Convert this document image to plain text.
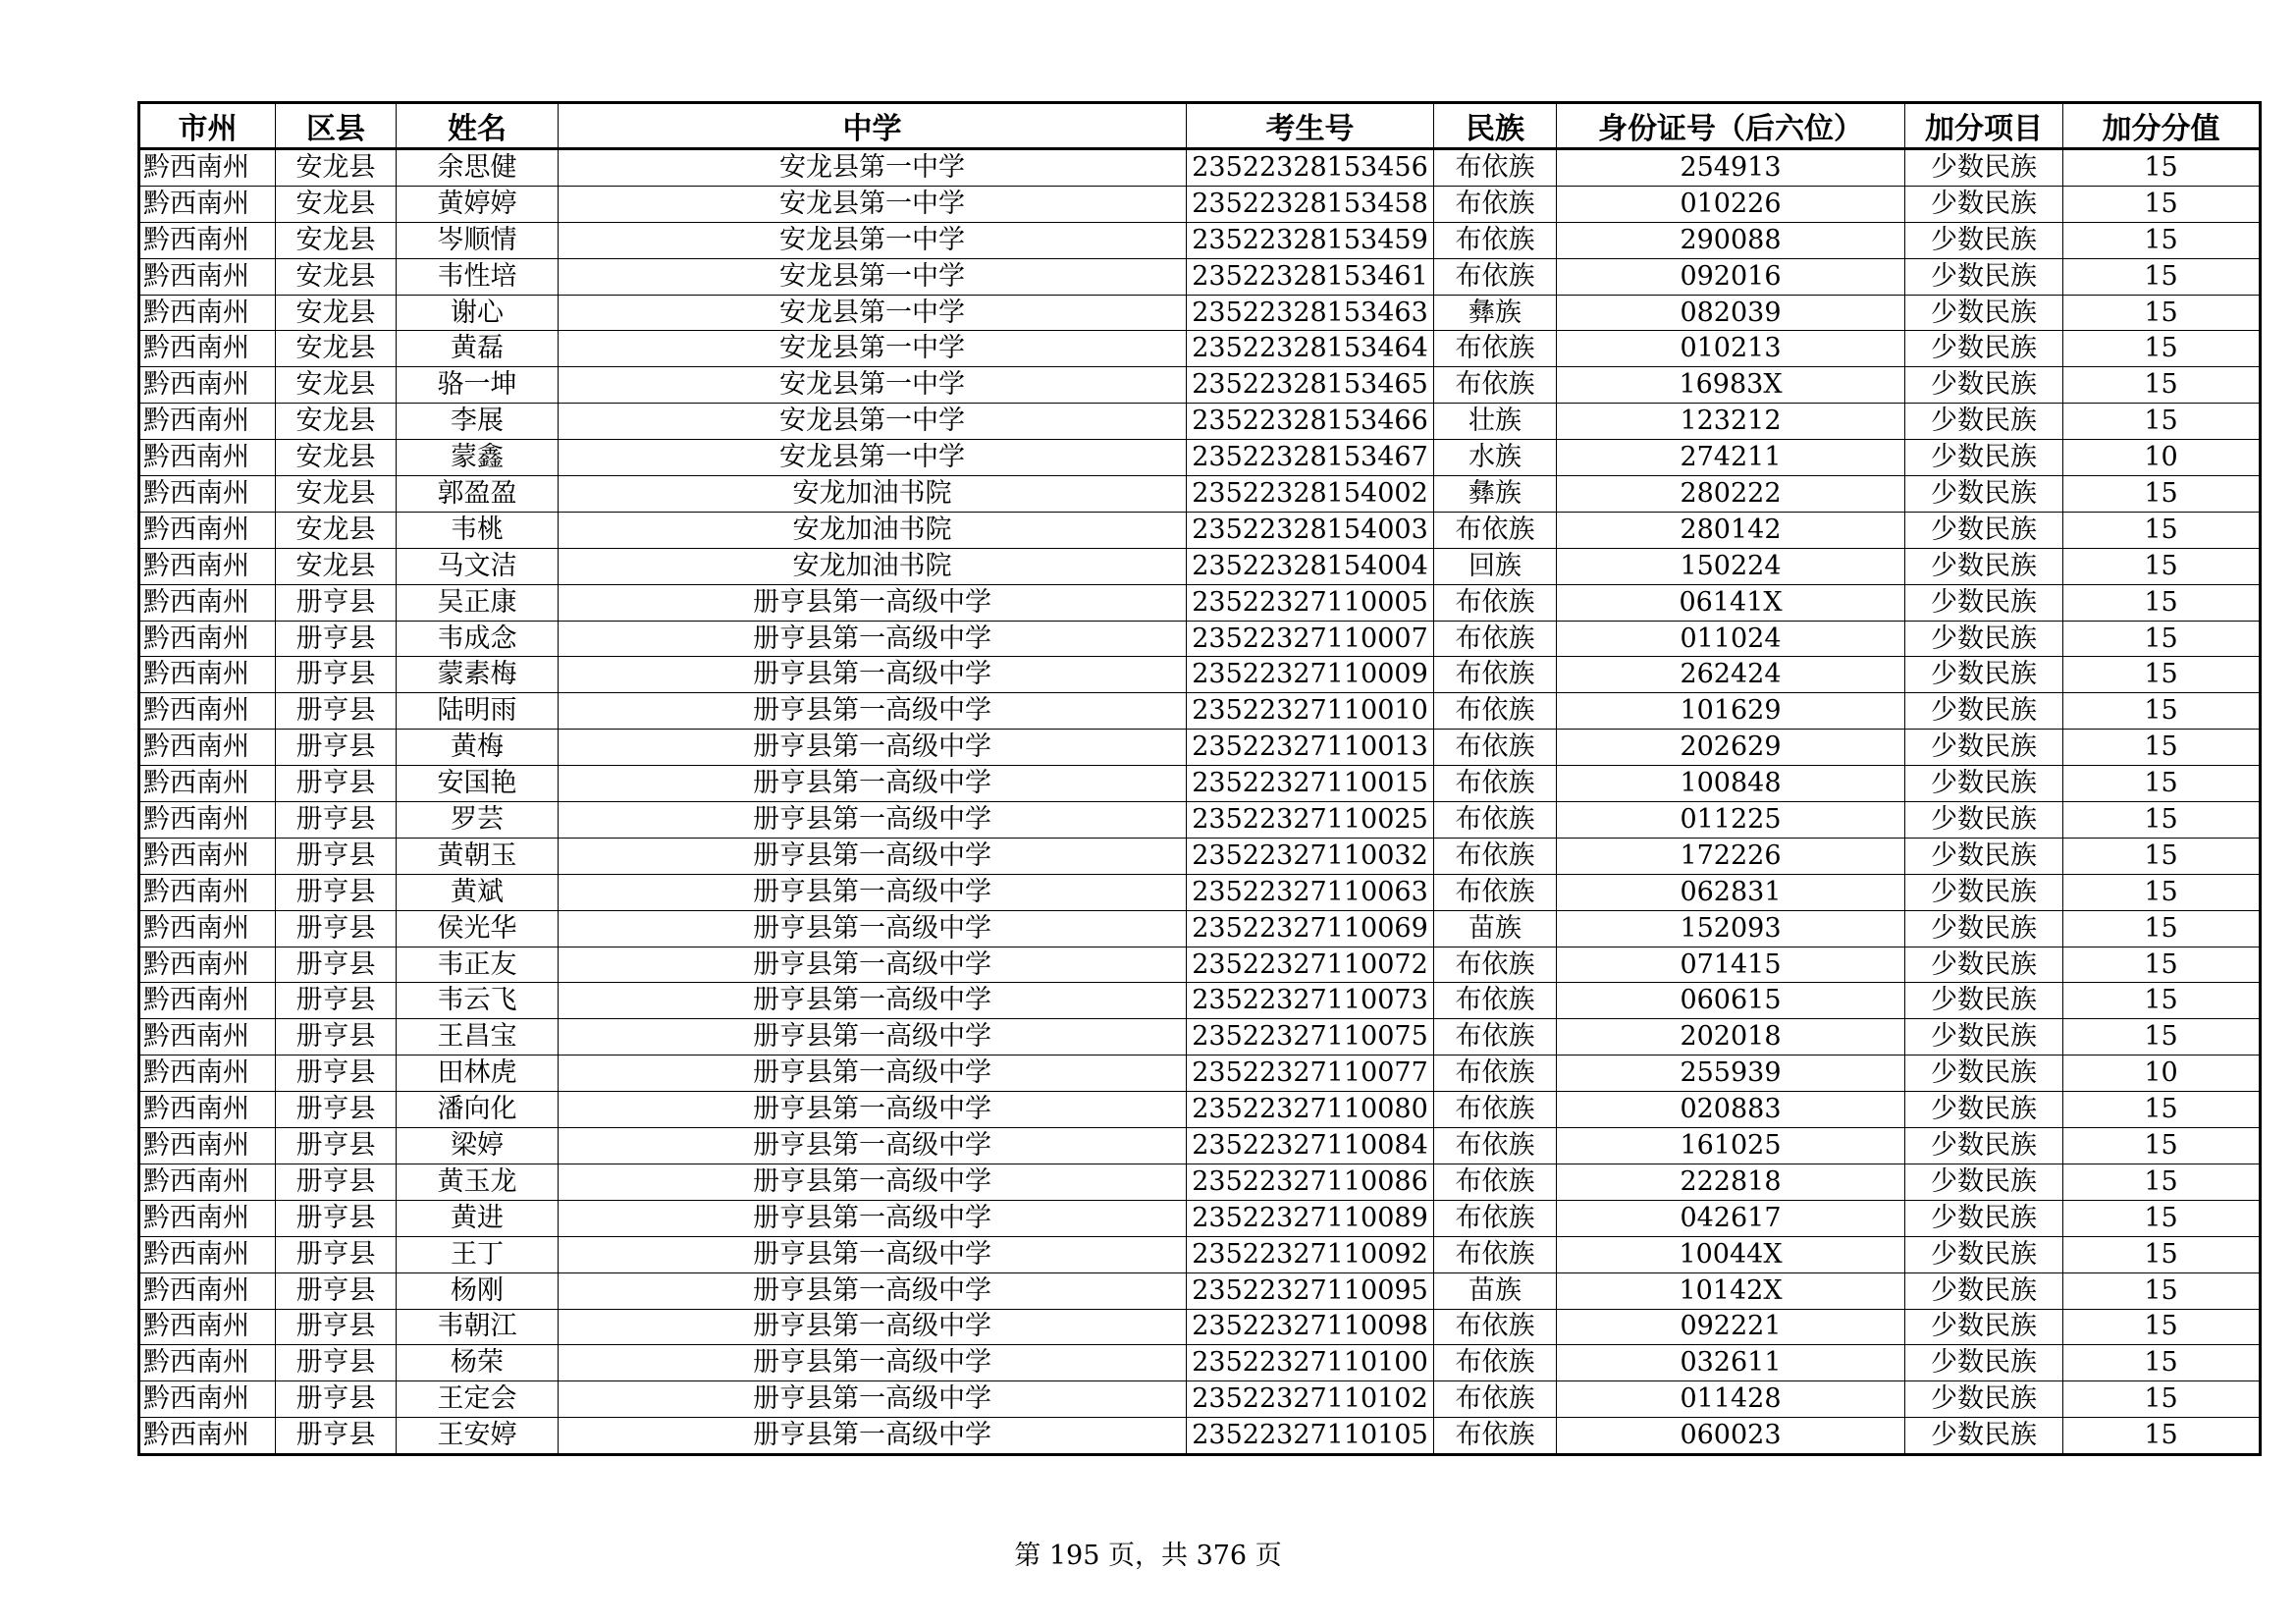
市州	区县	姓名	中学	考生号	民族	身份证号（后六位）	加分项目	加分分值
黔西南州	安龙县	余思健	安龙县第一中学	23522328153456	布依族	254913	少数民族	15
黔西南州	安龙县	黄婷婷	安龙县第一中学	23522328153458	布依族	010226	少数民族	15
黔西南州	安龙县	岑顺情	安龙县第一中学	23522328153459	布依族	290088	少数民族	15
黔西南州	安龙县	韦性培	安龙县第一中学	23522328153461	布依族	092016	少数民族	15
黔西南州	安龙县	谢心	安龙县第一中学	23522328153463	彝族	082039	少数民族	15
黔西南州	安龙县	黄磊	安龙县第一中学	23522328153464	布依族	010213	少数民族	15
黔西南州	安龙县	骆一坤	安龙县第一中学	23522328153465	布依族	16983X	少数民族	15
黔西南州	安龙县	李展	安龙县第一中学	23522328153466	壮族	123212	少数民族	15
黔西南州	安龙县	蒙鑫	安龙县第一中学	23522328153467	水族	274211	少数民族	10
黔西南州	安龙县	郭盈盈	安龙加油书院	23522328154002	彝族	280222	少数民族	15
黔西南州	安龙县	韦桃	安龙加油书院	23522328154003	布依族	280142	少数民族	15
黔西南州	安龙县	马文洁	安龙加油书院	23522328154004	回族	150224	少数民族	15
黔西南州	册亨县	吴正康	册亨县第一高级中学	23522327110005	布依族	06141X	少数民族	15
黔西南州	册亨县	韦成念	册亨县第一高级中学	23522327110007	布依族	011024	少数民族	15
黔西南州	册亨县	蒙素梅	册亨县第一高级中学	23522327110009	布依族	262424	少数民族	15
黔西南州	册亨县	陆明雨	册亨县第一高级中学	23522327110010	布依族	101629	少数民族	15
黔西南州	册亨县	黄梅	册亨县第一高级中学	23522327110013	布依族	202629	少数民族	15
黔西南州	册亨县	安国艳	册亨县第一高级中学	23522327110015	布依族	100848	少数民族	15
黔西南州	册亨县	罗芸	册亨县第一高级中学	23522327110025	布依族	011225	少数民族	15
黔西南州	册亨县	黄朝玉	册亨县第一高级中学	23522327110032	布依族	172226	少数民族	15
黔西南州	册亨县	黄斌	册亨县第一高级中学	23522327110063	布依族	062831	少数民族	15
黔西南州	册亨县	侯光华	册亨县第一高级中学	23522327110069	苗族	152093	少数民族	15
黔西南州	册亨县	韦正友	册亨县第一高级中学	23522327110072	布依族	071415	少数民族	15
黔西南州	册亨县	韦云飞	册亨县第一高级中学	23522327110073	布依族	060615	少数民族	15
黔西南州	册亨县	王昌宝	册亨县第一高级中学	23522327110075	布依族	202018	少数民族	15
黔西南州	册亨县	田林虎	册亨县第一高级中学	23522327110077	布依族	255939	少数民族	10
黔西南州	册亨县	潘向化	册亨县第一高级中学	23522327110080	布依族	020883	少数民族	15
黔西南州	册亨县	梁婷	册亨县第一高级中学	23522327110084	布依族	161025	少数民族	15
黔西南州	册亨县	黄玉龙	册亨县第一高级中学	23522327110086	布依族	222818	少数民族	15
黔西南州	册亨县	黄进	册亨县第一高级中学	23522327110089	布依族	042617	少数民族	15
黔西南州	册亨县	王丁	册亨县第一高级中学	23522327110092	布依族	10044X	少数民族	15
黔西南州	册亨县	杨刚	册亨县第一高级中学	23522327110095	苗族	10142X	少数民族	15
黔西南州	册亨县	韦朝江	册亨县第一高级中学	23522327110098	布依族	092221	少数民族	15
黔西南州	册亨县	杨荣	册亨县第一高级中学	23522327110100	布依族	032611	少数民族	15
黔西南州	册亨县	王定会	册亨县第一高级中学	23522327110102	布依族	011428	少数民族	15
黔西南州	册亨县	王安婷	册亨县第一高级中学	23522327110105	布依族	060023	少数民族	15
第 195 页，共 376 页
